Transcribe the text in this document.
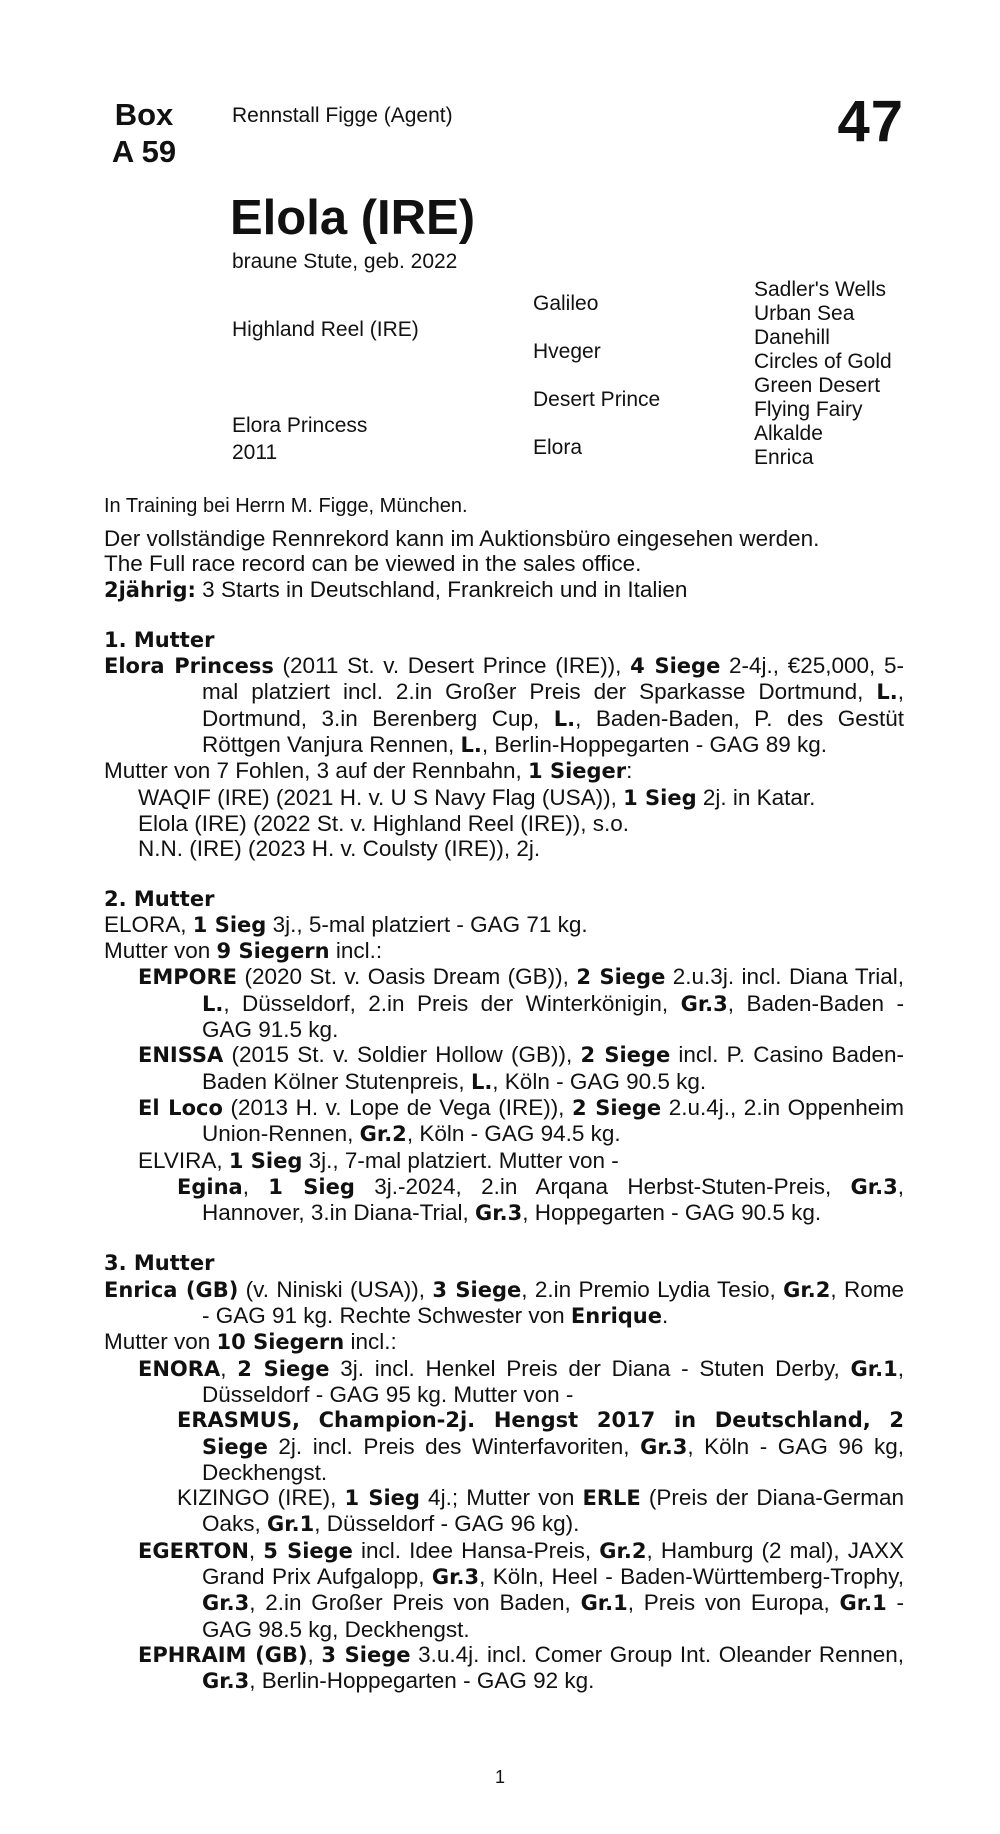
Box
A 59
Rennstall Figge (Agent)	47
Elola (IRE)
braune Stute, geb. 2022
Highland Reel (IRE)
Elora Princess
2011
Galileo
Hveger
Desert Prince
Elora
Sadler's Wells
Urban Sea
Danehill
Circles of Gold
Green Desert
Flying Fairy
Alkalde
Enrica
In Training bei Herrn M. Figge, München.
Der vollständige Rennrekord kann im Auktionsbüro eingesehen werden.
The Full race record can be viewed in the sales office.
2jährig: 3 Starts in Deutschland, Frankreich und in Italien
1. Mutter
Elora Princess (2011 St. v. Desert Prince (IRE)), 4 Siege 2-4j., €25,000, 5-mal platziert incl. 2.in Großer Preis der Sparkasse Dortmund, L., Dortmund, 3.in Berenberg Cup, L., Baden-Baden, P. des Gestüt Röttgen Vanjura Rennen, L., Berlin-Hoppegarten - GAG 89 kg.
Mutter von 7 Fohlen, 3 auf der Rennbahn, 1 Sieger:
WAQIF (IRE) (2021 H. v. U S Navy Flag (USA)), 1 Sieg 2j. in Katar.
Elola (IRE) (2022 St. v. Highland Reel (IRE)), s.o.
N.N. (IRE) (2023 H. v. Coulsty (IRE)), 2j.
2. Mutter
ELORA, 1 Sieg 3j., 5-mal platziert - GAG 71 kg.
Mutter von 9 Siegern incl.:
EMPORE (2020 St. v. Oasis Dream (GB)), 2 Siege 2.u.3j. incl. Diana Trial, L., Düsseldorf, 2.in Preis der Winterkönigin, Gr.3, Baden-Baden - GAG 91.5 kg.
ENISSA (2015 St. v. Soldier Hollow (GB)), 2 Siege incl. P. Casino Baden-Baden Kölner Stutenpreis, L., Köln - GAG 90.5 kg.
El Loco (2013 H. v. Lope de Vega (IRE)), 2 Siege 2.u.4j., 2.in Oppenheim Union-Rennen, Gr.2, Köln - GAG 94.5 kg.
ELVIRA, 1 Sieg 3j., 7-mal platziert. Mutter von -
Egina, 1 Sieg 3j.-2024, 2.in Arqana Herbst-Stuten-Preis, Gr.3, Hannover, 3.in Diana-Trial, Gr.3, Hoppegarten - GAG 90.5 kg.
3. Mutter
Enrica (GB) (v. Niniski (USA)), 3 Siege, 2.in Premio Lydia Tesio, Gr.2, Rome - GAG 91 kg. Rechte Schwester von Enrique.
Mutter von 10 Siegern incl.:
ENORA, 2 Siege 3j. incl. Henkel Preis der Diana - Stuten Derby, Gr.1, Düsseldorf - GAG 95 kg. Mutter von -
ERASMUS, Champion-2j. Hengst 2017 in Deutschland, 2 Siege 2j. incl. Preis des Winterfavoriten, Gr.3, Köln - GAG 96 kg, Deckhengst.
KIZINGO (IRE), 1 Sieg 4j.; Mutter von ERLE (Preis der Diana-German Oaks, Gr.1, Düsseldorf - GAG 96 kg).
EGERTON, 5 Siege incl. Idee Hansa-Preis, Gr.2, Hamburg (2 mal), JAXX Grand Prix Aufgalopp, Gr.3, Köln, Heel - Baden-Württemberg-Trophy, Gr.3, 2.in Großer Preis von Baden, Gr.1, Preis von Europa, Gr.1 - GAG 98.5 kg, Deckhengst.
EPHRAIM (GB), 3 Siege 3.u.4j. incl. Comer Group Int. Oleander Rennen, Gr.3, Berlin-Hoppegarten - GAG 92 kg.
1
